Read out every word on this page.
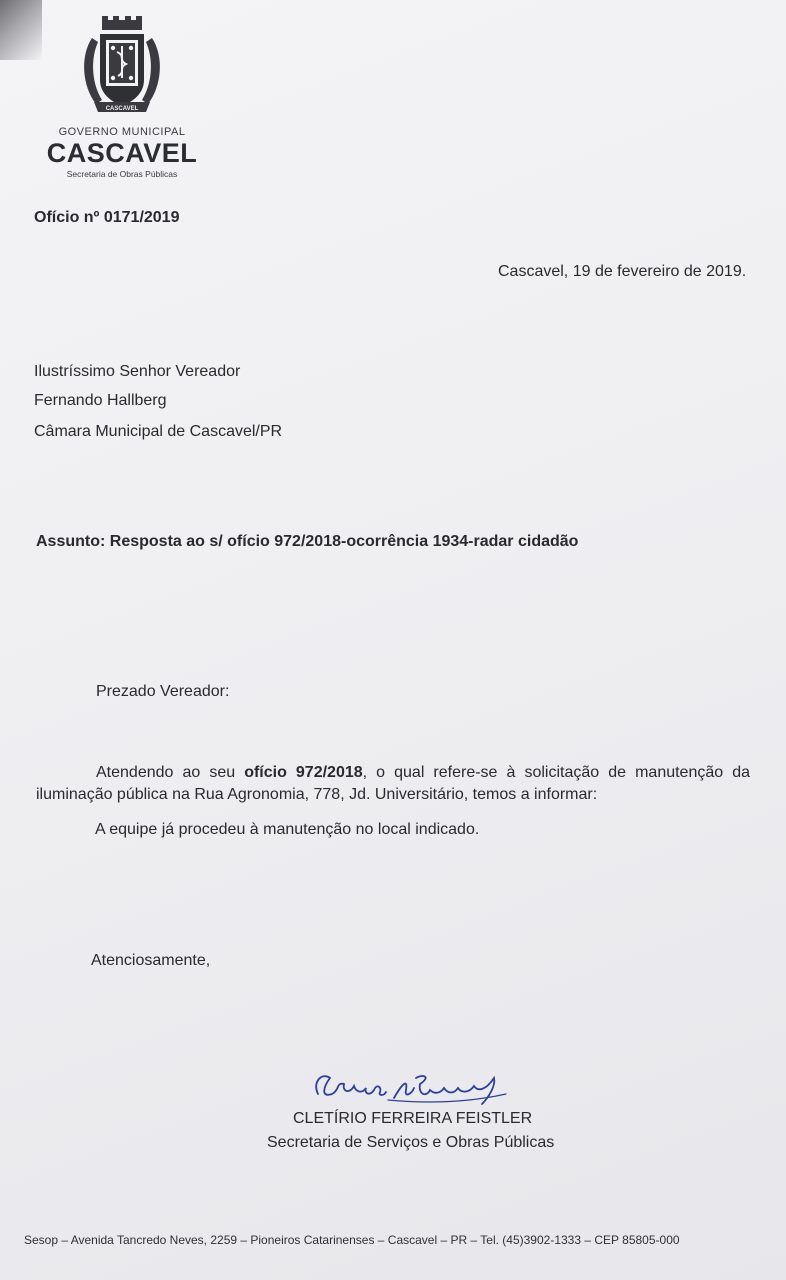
CASCAVEL
GOVERNO MUNICIPAL
CASCAVEL
Secretaria de Obras Públicas
Ofício nº 0171/2019
Cascavel, 19 de fevereiro de 2019.
Ilustríssimo Senhor Vereador
Fernando Hallberg
Câmara Municipal de Cascavel/PR
Assunto: Resposta ao s/ ofício 972/2018-ocorrência 1934-radar cidadão
Prezado Vereador:
Atendendo ao seu ofício 972/2018, o qual refere-se à solicitação de manutenção da iluminação pública na Rua Agronomia, 778, Jd. Universitário, temos a informar:
A equipe já procedeu à manutenção no local indicado.
Atenciosamente,
CLETÍRIO FERREIRA FEISTLER
Secretaria de Serviços e Obras Públicas
Sesop – Avenida Tancredo Neves, 2259 – Pioneiros Catarinenses – Cascavel – PR – Tel. (45)3902-1333 – CEP 85805-000
